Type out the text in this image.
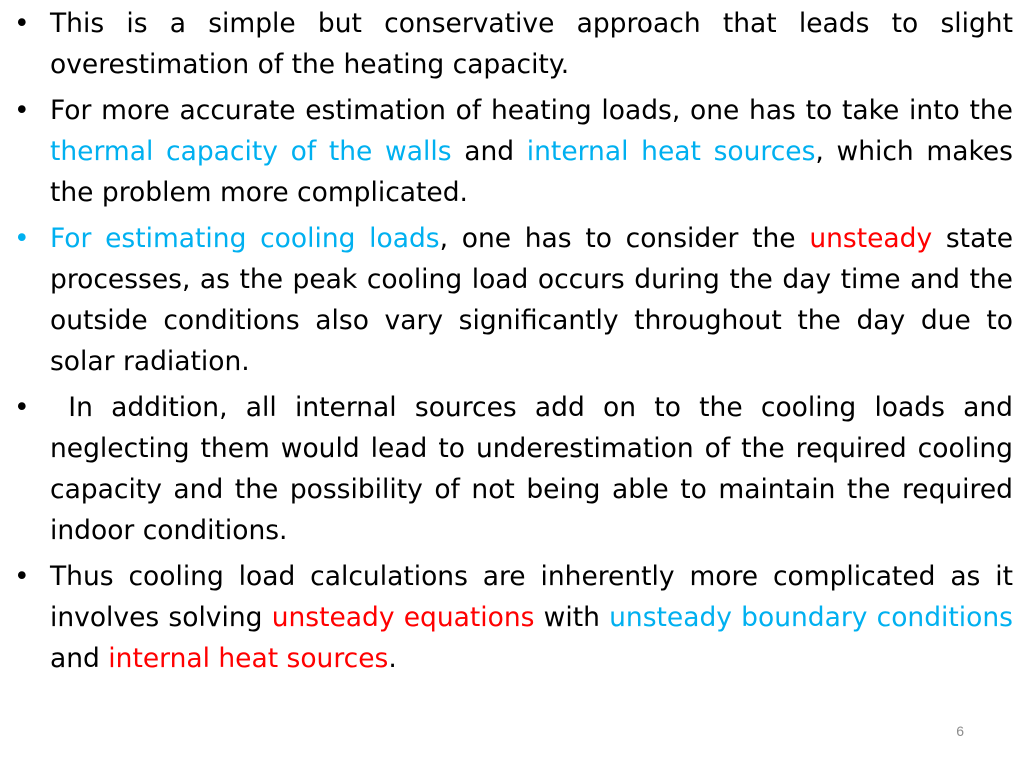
• This is a simple but conservative approach that leads to slight overestimation of the heating capacity.
• For more accurate estimation of heating loads, one has to take into the thermal capacity of the walls and internal heat sources, which makes the problem more complicated.
• For estimating cooling loads, one has to consider the unsteady state processes, as the peak cooling load occurs during the day time and the outside conditions also vary significantly throughout the day due to solar radiation.
• In addition, all internal sources add on to the cooling loads and neglecting them would lead to underestimation of the required cooling capacity and the possibility of not being able to maintain the required indoor conditions.
• Thus cooling load calculations are inherently more complicated as it involves solving unsteady equations with unsteady boundary conditions and internal heat sources.
6
